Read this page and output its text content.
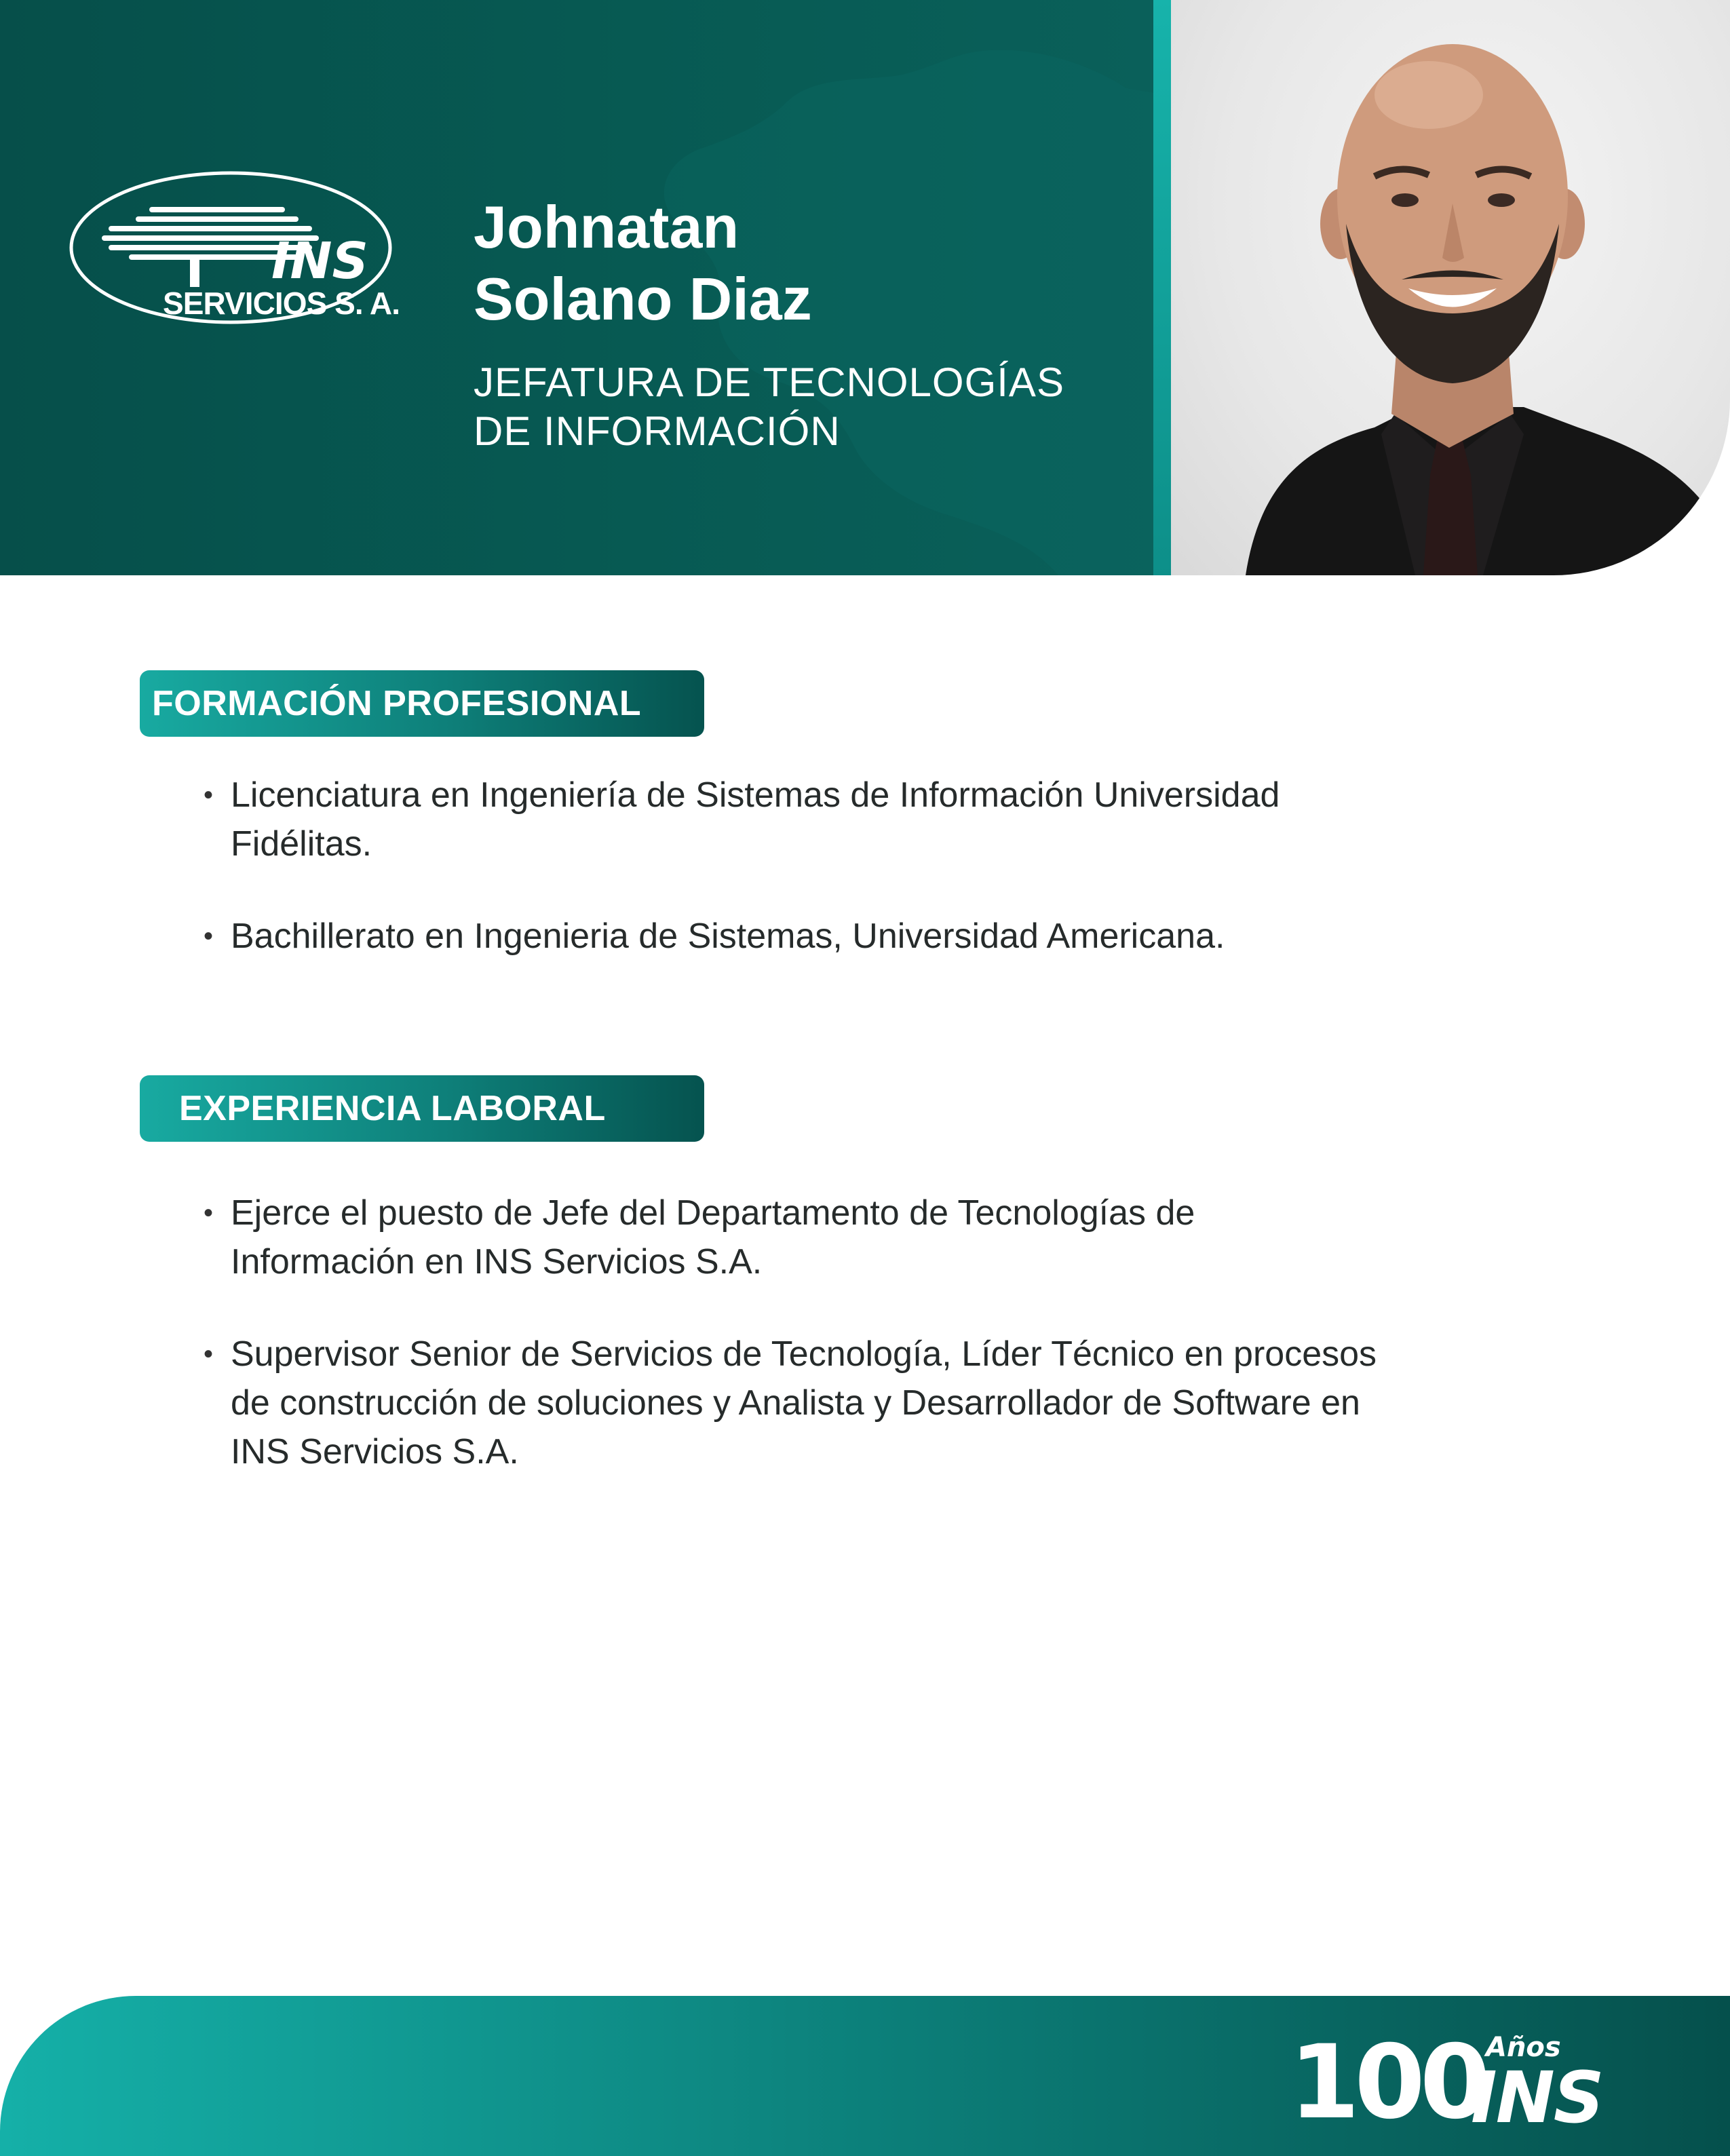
INS
SERVICIOS S. A.
Johnatan
Solano Diaz

JEFATURA DE TECNOLOGÍAS
DE INFORMACIÓN

FORMACIÓN PROFESIONAL
• Licenciatura en Ingeniería de Sistemas de Información Universidad
Fidélitas.
• Bachillerato en Ingenieria de Sistemas, Universidad Americana.
EXPERIENCIA LABORAL
• Ejerce el puesto de Jefe del Departamento de Tecnologías de
Información en INS Servicios S.A.
• Supervisor Senior de Servicios de Tecnología, Líder Técnico en procesos
de construcción de soluciones y Analista y Desarrollador de Software en
INS Servicios S.A.
100 Años
INS
